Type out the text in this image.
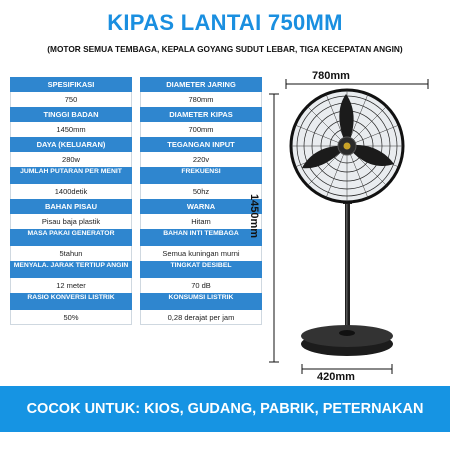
KIPAS LANTAI 750MM
(MOTOR SEMUA TEMBAGA, KEPALA GOYANG SUDUT LEBAR, TIGA KECEPATAN ANGIN)
SPESIFIKASI
750
TINGGI BADAN
1450mm
DAYA (KELUARAN)
280w
JUMLAH PUTARAN PER MENIT
1400detik
BAHAN PISAU
Pisau baja plastik
MASA PAKAI GENERATOR
5tahun
MENYALA. JARAK TERTIUP ANGIN
12 meter
RASIO KONVERSI LISTRIK
50%
DIAMETER JARING
780mm
DIAMETER KIPAS
700mm
TEGANGAN INPUT
220v
FREKUENSI
50hz
WARNA
Hitam
BAHAN INTI TEMBAGA
Semua kuningan murni
TINGKAT DESIBEL
70 dB
KONSUMSI LISTRIK
0,28 derajat per jam
780mm
1450mm
420mm
COCOK UNTUK: KIOS, GUDANG, PABRIK, PETERNAKAN
